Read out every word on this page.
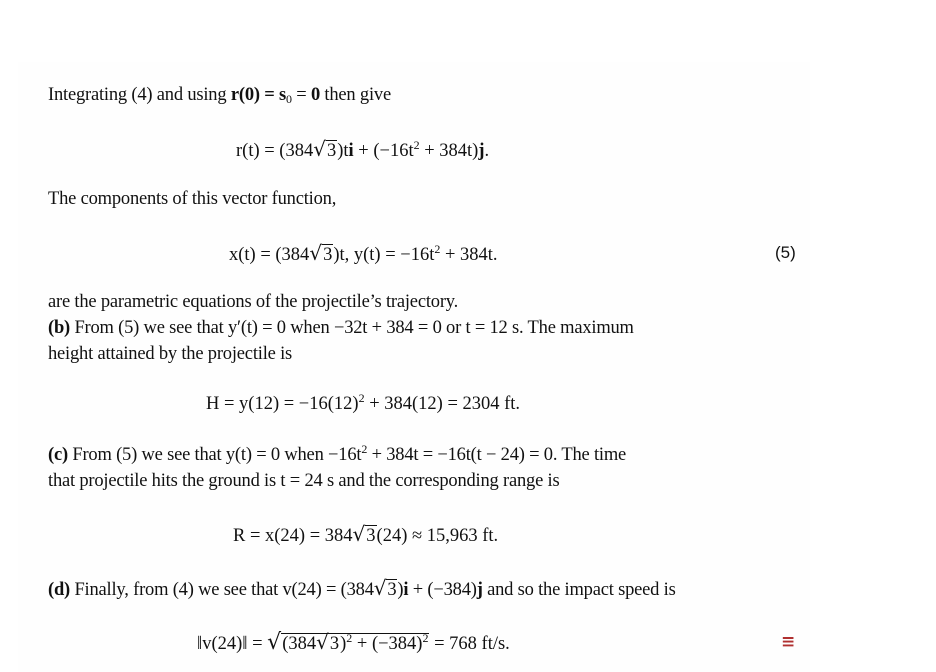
Integrating (4) and using $r(0) = s_0 = 0$ then give
$r(t) = (384√3)ti + (-16t^2 + 384t)j$.
The components of this vector function,
x(t) = (384√3)t, $y(t) = -16t^2 + 384t$.	(5)
are the parametric equations of the projectile’s trajectory.
(b) From (5) we see that y′(t) = 0 when −32t + 384 = 0 or t = 12 s. The maximum
height attained by the projectile is
$H = y(12) = -16(12)^2 + 384(12) = 2304$ ft.
(c) From (5) we see that y(t) = 0 when $-16t^2 + 384t = -16t(t - 24) = 0$. The time
that projectile hits the ground is t = 24 s and the corresponding range is
R = x(24) = 384√3(24) ≈ 15,963 ft.
(d) Finally, from (4) we see that v(24) = (384√3)i + (−384)j and so the impact speed is
‖v(24)‖ = $√(384√3)^2 + (-384)^2 = 768$ ft/s.	≡
